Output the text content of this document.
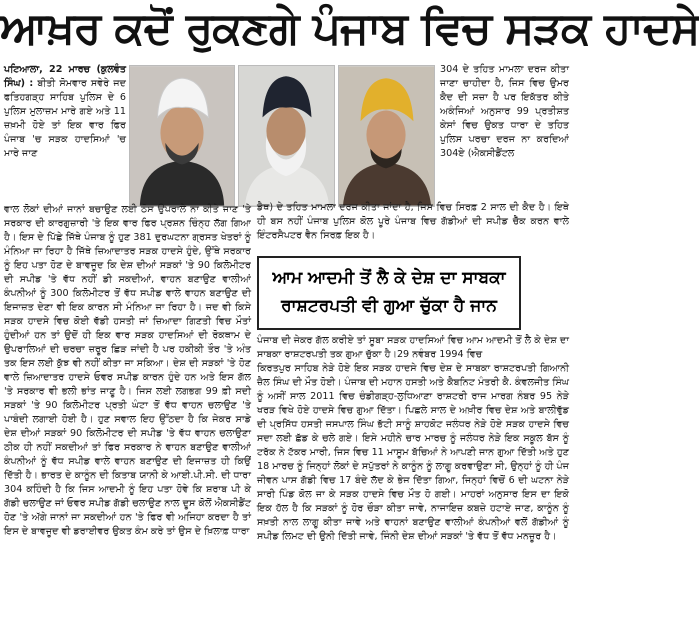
ਆਖ਼ਰ ਕਦੋਂ ਰੁਕਣਗੇ ਪੰਜਾਬ ਵਿਚ ਸੜਕ ਹਾਦਸੇ

ਪਟਿਆਲਾ, 22 ਮਾਰਚ (ਕੁਲਵੰਤ ਸਿੰਘ) : ਬੀਤੀ ਸੋਮਵਾਰ ਸਵੇਰੇ ਜਦ ਫਤਿਹਗੜ੍ਹ ਸਾਹਿਬ ਪੁਲਿਸ ਦੇ 6 ਪੁਲਿਸ ਮੁਲਾਜ਼ਮ ਮਾਰੇ ਗਏ ਅਤੇ 11 ਜ਼ਖ਼ਮੀ ਹੋਏ ਤਾਂ ਇਕ ਵਾਰ ਫਿਰ ਪੰਜਾਬ 'ਚ ਸੜਕ ਹਾਦਸਿਆਂ 'ਚ ਮਾਰੇ ਜਾਣ

304 ਦੇ ਤਹਿਤ ਮਾਮਲਾ ਦਰਜ ਕੀਤਾ ਜਾਣਾ ਚਾਹੀਦਾ ਹੈ, ਜਿਸ ਵਿਚ ਉਮਰ ਕੈਦ ਦੀ ਸਜ਼ਾ ਹੈ ਪਰ ਇਕੱਤਰ ਕੀਤੇ ਅਕੰਜਿਆਂ ਅਨੁਸਾਰ 99 ਪ੍ਰਤੀਸ਼ਤ ਕੇਸਾਂ ਵਿਚ ਉਕਤ ਧਾਰਾ ਦੇ ਤਹਿਤ ਪੁਲਿਸ ਪਰਚਾ ਦਰਜ ਨਾ ਕਰਦਿਆਂ 304ਏ (ਐਕਸੀਡੈਂਟਲ

ਵਾਲ ਲੋਕਾਂ ਦੀਆਂ ਜਾਨਾਂ ਬਚਾਉਣ ਲਈ ਠੋਸ ਉਪਰਾਲੇ ਨਾ ਕੀਤੇ ਜਾਣ 'ਤੇ ਸਰਕਾਰ ਦੀ ਕਾਰਗੁਜ਼ਾਰੀ 'ਤੇ ਇਕ ਵਾਰ ਫਿਰ ਪ੍ਰਸ਼ਨ ਚਿੰਨ੍ਹ ਲੱਗ ਗਿਆ ਹੈ। ਇਸ ਦੇ ਪਿੱਛੇ ਜਿੱਥੇ ਪੰਜਾਬ ਨੂੰ ਹੁਣ 381 ਦੁਰਘਟਨਾ ਗ੍ਰਸਤ ਖੇਤਰਾਂ ਨੂੰ ਮੰਨਿਆ ਜਾ ਰਿਹਾ ਹੈ ਜਿੱਥੇ ਜ਼ਿਆਦਾਤਰ ਸੜਕ ਹਾਦਸੇ ਹੁੰਦੇ, ਉੱਥੇ ਸਰਕਾਰ ਨੂੰ ਇਹ ਪਤਾ ਹੋਣ ਦੇ ਬਾਵਜੂਦ ਕਿ ਦੇਸ਼ ਦੀਆਂ ਸੜਕਾਂ 'ਤੇ 90 ਕਿਲੋਮੀਟਰ ਦੀ ਸਪੀਡ 'ਤੇ ਵੱਧ ਨਹੀਂ ਡੀ ਸਕਦੀਆਂ, ਵਾਹਨ ਬਣਾਉਣ ਵਾਲੀਆਂ ਕੰਪਨੀਆਂ ਨੂੰ 300 ਕਿਲੋਮੀਟਰ ਤੋਂ ਵੱਧ ਸਪੀਡ ਵਾਲੇ ਵਾਹਨ ਬਣਾਉਣ ਦੀ ਇਜਾਜ਼ਤ ਦੇਣਾ ਵੀ ਇਕ ਕਾਰਨ ਸੀ ਮੰਨਿਆ ਜਾ ਰਿਹਾ ਹੈ। ਜਦ ਵੀ ਕਿਸੇ ਸੜਕ ਹਾਦਸੇ ਵਿਚ ਕੋਈ ਵੱਡੀ ਹਸਤੀ ਜਾਂ ਜ਼ਿਆਦਾ ਗਿਣਤੀ ਵਿਚ ਮੌਤਾਂ ਹੁੰਦੀਆਂ ਹਨ ਤਾਂ ਉਦੋਂ ਹੀ ਇਕ ਵਾਰ ਸੜਕ ਹਾਦਸਿਆਂ ਦੀ ਰੋਕਥਾਮ ਦੇ ਉਪਰਾਲਿਆਂ ਦੀ ਚਰਚਾ ਜ਼ਰੂਰ ਛਿੜ ਜਾਂਦੀ ਹੈ ਪਰ ਹਕੀਕੀ ਤੌਰ 'ਤੇ ਅੰਤ ਤਕ ਇਸ ਲਈ ਕੁੱਝ ਵੀ ਨਹੀਂ ਕੀਤਾ ਜਾ ਸਕਿਆ। ਦੇਸ਼ ਦੀ ਸੜਕਾਂ 'ਤੇ ਹੋਣ ਵਾਲੇ ਜ਼ਿਆਦਾਤਰ ਹਾਦਸੇ ਓਵਰ ਸਪੀਡ ਕਾਰਨ ਹੁੰਦੇ ਹਨ ਅਤੇ ਇਸ ਗੱਲ 'ਤੇ ਸਰਕਾਰ ਵੀ ਭਲੀ ਭਾਂਤ ਜਾਣੂ ਹੈ। ਜਿਸ ਲਈ ਲਗਭਗ 99 ਫ਼ੀ ਸਦੀ ਸੜਕਾਂ 'ਤੇ 90 ਕਿਲੋਮੀਟਰ ਪ੍ਰਤੀ ਘੰਟਾ ਤੋਂ ਵੱਧ ਵਾਹਨ ਚਲਾਉਣ 'ਤੇ ਪਾਬੰਦੀ ਲਗਾਈ ਹੋਈ ਹੈ। ਹੁਣ ਸਵਾਲ ਇਹ ਉੱਠਦਾ ਹੈ ਕਿ ਜੇਕਰ ਸਾਡੇ ਦੇਸ਼ ਦੀਆਂ ਸੜਕਾਂ 90 ਕਿਲੋਮੀਟਰ ਦੀ ਸਪੀਡ 'ਤੇ ਵੱਧ ਵਾਹਨ ਚਲਾਉਣਾ ਠੀਕ ਹੀ ਨਹੀਂ ਸਕਦੀਆਂ ਤਾਂ ਫਿਰ ਸਰਕਾਰ ਨੇ ਵਾਹਨ ਬਣਾਉਣ ਵਾਲੀਆਂ ਕੰਪਨੀਆਂ ਨੂੰ ਵੱਧ ਸਪੀਡ ਵਾਲੇ ਵਾਹਨ ਬਣਾਉਣ ਦੀ ਇਜਾਜ਼ਤ ਹੀ ਕਿਉਂ ਦਿੱਤੀ ਹੈ। ਭਾਰਤ ਦੇ ਕਾਨੂੰਨ ਦੀ ਕਿਤਾਬ ਯਾਨੀ ਕੇ ਆਈ.ਪੀ.ਸੀ. ਦੀ ਧਾਰਾ 304 ਕਹਿੰਦੀ ਹੈ ਕਿ ਜਿਸ ਆਦਮੀ ਨੂੰ ਇਹ ਪਤਾ ਹੋਵੇ ਕਿ ਸ਼ਰਾਬ ਪੀ ਕੇ ਗੱਡੀ ਚਲਾਉਣ ਜਾਂ ਓਵਰ ਸਪੀਡ ਗੱਡੀ ਚਲਾਉਣ ਨਾਲ ਦੂਸ ਕੋਲੋਂ ਐਕਸੀਡੈਂਟ ਹੋਣ 'ਤੇ ਅੱਗੇ ਜਾਨਾਂ ਜਾ ਸਕਦੀਆਂ ਹਨ 'ਤੇ ਫਿਰ ਵੀ ਅਜਿਹਾ ਕਰਦਾ ਹੈ ਤਾਂ ਇਸ ਦੇ ਬਾਵਜੂਦ ਵੀ ਡਰਾਈਵਰ ਉਕਤ ਕੰਮ ਕਰੇ ਤਾਂ ਉਸ ਦੇ ਖ਼ਿਲਾਫ਼ ਧਾਰਾ

ਡੈਥ) ਦੇ ਤਹਿਤ ਮਾਮਲਾ ਦਰਜ ਕੀਤਾ ਜਾਂਦਾ ਹੈ, ਜਿਸ ਵਿਚ ਸਿਰਫ਼ 2 ਸਾਲ ਦੀ ਕੈਦ ਹੈ। ਇਥੇ ਹੀ ਬਸ ਨਹੀਂ ਪੰਜਾਬ ਪੁਲਿਸ ਕੋਲ ਪੂਰੇ ਪੰਜਾਬ ਵਿਚ ਗੱਡੀਆਂ ਦੀ ਸਪੀਡ ਚੈੱਕ ਕਰਨ ਵਾਲੇ ਇੰਟਰਸੈਪਟਰ ਵੈਨ ਸਿਰਫ਼ ਇਕ ਹੈ।

ਆਮ ਆਦਮੀ ਤੋਂ ਲੈ ਕੇ ਦੇਸ਼ ਦਾ ਸਾਬਕਾ
ਰਾਸ਼ਟਰਪਤੀ ਵੀ ਗੁਆ ਚੁੱਕਾ ਹੈ ਜਾਨ

ਪੰਜਾਬ ਦੀ ਜੇਕਰ ਗੱਲ ਕਰੀਏ ਤਾਂ ਸੂਬਾ ਸੜਕ ਹਾਦਸਿਆਂ ਵਿਚ ਆਮ ਆਦਮੀ ਤੋਂ ਲੈ ਕੇ ਦੇਸ਼ ਦਾ ਸਾਬਕਾ ਰਾਸ਼ਟਰਪਤੀ ਤਕ ਗੁਆ ਚੁੱਕਾ ਹੈ।29 ਨਵੰਬਰ 1994 ਵਿਚ

ਕਿਰਤਪੁਰ ਸਾਹਿਬ ਨੇੜੇ ਹੋਏ ਇਕ ਸੜਕ ਹਾਦਸੇ ਵਿਚ ਦੇਸ਼ ਦੇ ਸਾਬਕਾ ਰਾਸ਼ਟਰਪਤੀ ਗਿਆਨੀ ਜ਼ੈਲ ਸਿੰਘ ਦੀ ਮੌਤ ਹੋਈ। ਪੰਜਾਬ ਦੀ ਮਹਾਨ ਹਸਤੀ ਅਤੇ ਕੈਬਨਿਟ ਮੰਤਰੀ ਕੈ. ਕੰਵਲਜੀਤ ਸਿੰਘ ਨੂੰ ਅਸੀਂ ਸਾਲ 2011 ਵਿਚ ਚੰਡੀਗੜ੍ਹ-ਲੁਧਿਆਣਾ ਰਾਸ਼ਟਰੀ ਰਾਜ ਮਾਰਗ ਨੰਬਰ 95 ਨੇੜੇ ਖਰੜ ਵਿਖੇ ਹੋਏ ਹਾਦਸੇ ਵਿਚ ਗੁਆ ਦਿੱਤਾ। ਪਿਛਲੇ ਸਾਲ ਦੇ ਅਖ਼ੀਰ ਵਿਚ ਦੇਸ਼ ਅਤੇ ਬਾਲੀਵੁੱਡ ਦੀ ਪ੍ਰਸਿੱਧ ਹਸਤੀ ਜਸਪਾਲ ਸਿੰਘ ਭੱਟੀ ਸਾਨੂੰ ਸ਼ਾਹਕੋਟ ਜਲੰਧਰ ਨੇੜੇ ਹੋਏ ਸੜਕ ਹਾਦਸੇ ਵਿਚ ਸਦਾ ਲਈ ਛੱਡ ਕੇ ਚਲੇ ਗਏ। ਇਸੇ ਮਹੀਨੇ ਚਾਰ ਮਾਰਚ ਨੂੰ ਜਲੰਧਰ ਨੇੜੇ ਇਕ ਸਕੂਲ ਬੱਸ ਨੂੰ ਟਰੱਕ ਨੇ ਟੱਕਰ ਮਾਰੀ, ਜਿਸ ਵਿਚ 11 ਮਾਸੂਮ ਬੱਚਿਆਂ ਨੇ ਆਪਣੀ ਜਾਨ ਗੁਆ ਦਿੱਤੀ ਅਤੇ ਹੁਣ 18 ਮਾਰਚ ਨੂੰ ਜਿਨ੍ਹਾਂ ਲੋਕਾਂ ਦੇ ਸਪੁੱਤਰਾਂ ਨੇ ਕਾਨੂੰਨ ਨੂੰ ਲਾਗੂ ਕਰਵਾਉਣਾ ਸੀ, ਉਨ੍ਹਾਂ ਨੂੰ ਹੀ ਪੰਜ ਜੀਵਨ ਪਾਸ ਗੱਡੀ ਵਿਚ 17 ਬੰਦੇ ਲੱਦ ਕੇ ਭੇਜ ਦਿੱਤਾ ਗਿਆ, ਜਿਨ੍ਹਾਂ ਵਿਚੋਂ 6 ਦੀ ਘਟਨਾ ਨੇੜੇ ਸਾਰੀ ਪਿੰਡ ਕੋਲ ਜਾ ਕੇ ਸੜਕ ਹਾਦਸੇ ਵਿਚ ਮੌਤ ਹੋ ਗਈ। ਮਾਹਰਾਂ ਅਨੁਸਾਰ ਇਸ ਦਾ ਇਕੋ ਇਕ ਹੱਲ ਹੈ ਕਿ ਸੜਕਾਂ ਨੂੰ ਹੋਰ ਚੌੜਾ ਕੀਤਾ ਜਾਵੇ, ਨਾਜਾਇਜ਼ ਕਬਜ਼ੇ ਹਟਾਏ ਜਾਣ, ਕਾਨੂੰਨ ਨੂੰ ਸਖ਼ਤੀ ਨਾਲ ਲਾਗੂ ਕੀਤਾ ਜਾਵੇ ਅਤੇ ਵਾਹਨਾਂ ਬਣਾਉਣ ਵਾਲੀਆਂ ਕੰਪਨੀਆਂ ਵਲੋਂ ਗੱਡੀਆਂ ਨੂੰ ਸਪੀਡ ਲਿਮਟ ਦੀ ਉਨੀ ਦਿੱਤੀ ਜਾਵੇ, ਜਿੰਨੀ ਦੇਸ਼ ਦੀਆਂ ਸੜਕਾਂ 'ਤੇ ਵੱਧ ਤੋਂ ਵੱਧ ਮਨਜ਼ੂਰ ਹੈ।
